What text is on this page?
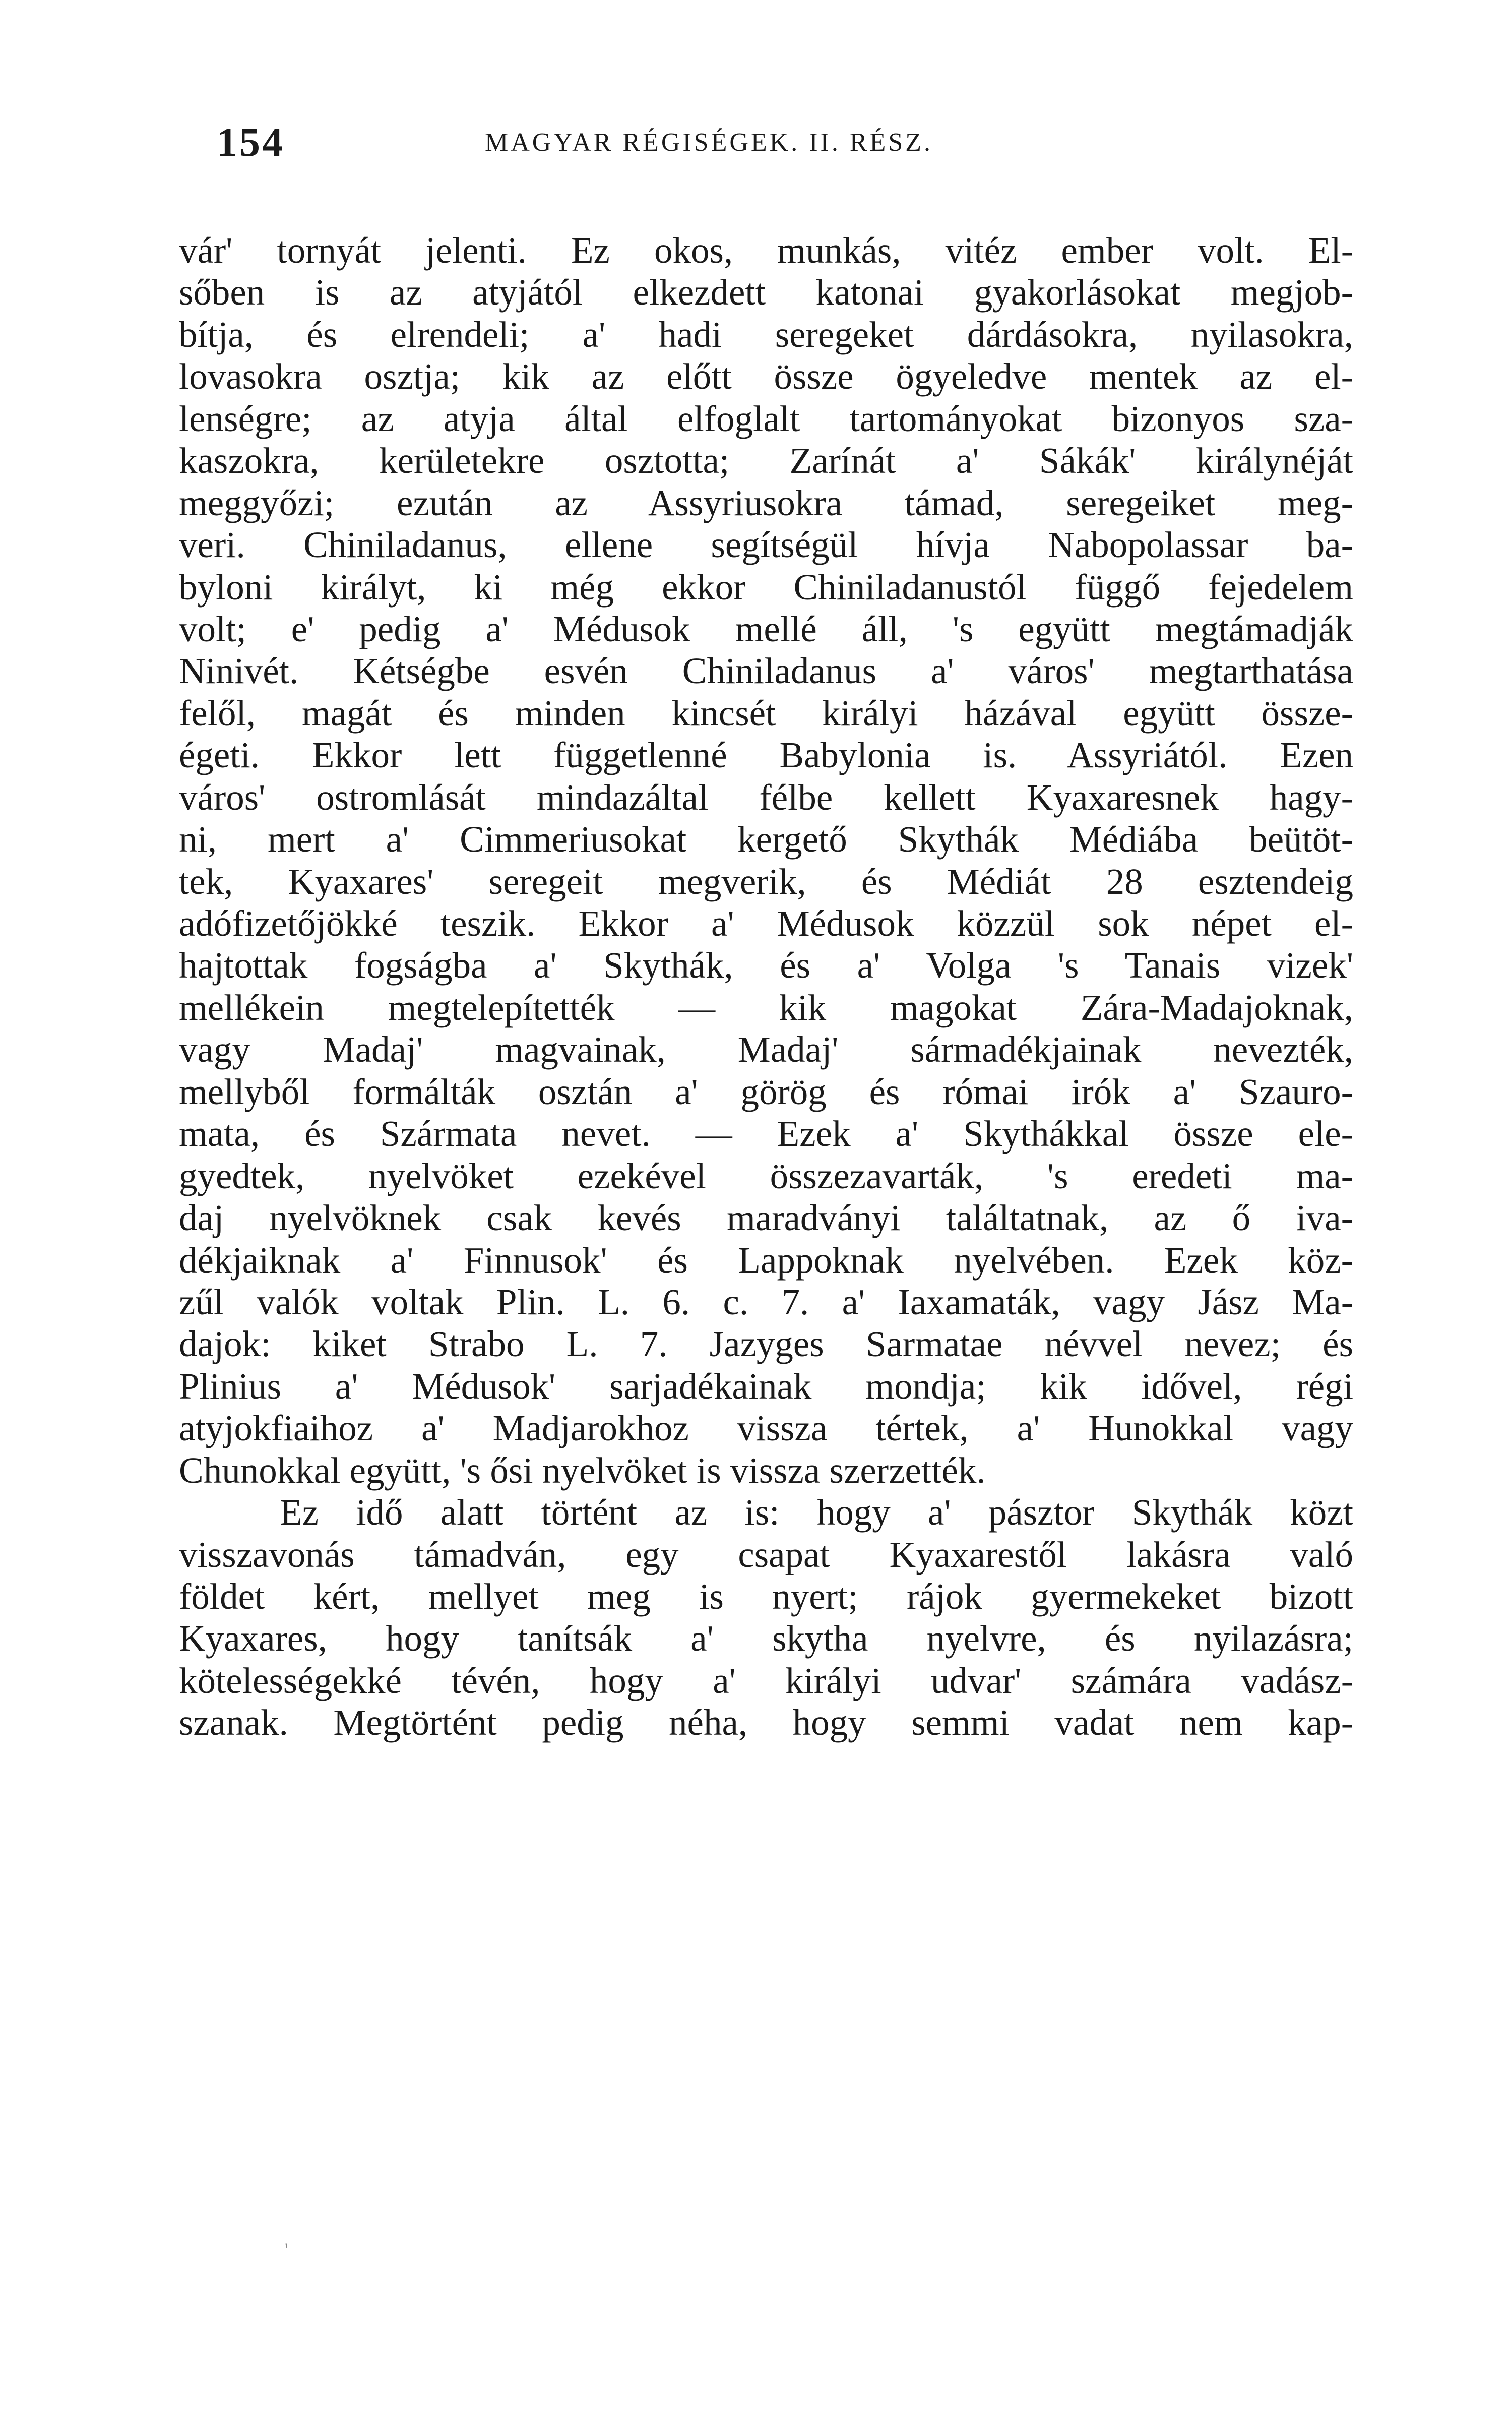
154	MAGYAR RÉGISÉGEK. II. RÉSZ.
vár' tornyát jelenti. Ez okos, munkás, vitéz ember volt. El-
sőben is az atyjától elkezdett katonai gyakorlásokat megjob-
bítja, és elrendeli; a' hadi seregeket dárdásokra, nyilasokra,
lovasokra osztja; kik az előtt össze ögyeledve mentek az el-
lenségre; az atyja által elfoglalt tartományokat bizonyos sza-
kaszokra, kerületekre osztotta; Zarínát a' Sákák' királynéját
meggyőzi; ezután az Assyriusokra támad, seregeiket meg-
veri. Chiniladanus, ellene segítségül hívja Nabopolassar ba-
byloni királyt, ki még ekkor Chiniladanustól függő fejedelem
volt; e' pedig a' Médusok mellé áll, 's együtt megtámadják
Ninivét. Kétségbe esvén Chiniladanus a' város' megtarthatása
felől, magát és minden kincsét királyi házával együtt össze-
égeti. Ekkor lett függetlenné Babylonia is. Assyriától. Ezen
város' ostromlását mindazáltal félbe kellett Kyaxaresnek hagy-
ni, mert a' Cimmeriusokat kergető Skythák Médiába beütöt-
tek, Kyaxares' seregeit megverik, és Médiát 28 esztendeig
adófizetőjökké teszik. Ekkor a' Médusok közzül sok népet el-
hajtottak fogságba a' Skythák, és a' Volga 's Tanais vizek'
mellékein megtelepítették — kik magokat Zára-Madajoknak,
vagy Madaj' magvainak, Madaj' sármadékjainak nevezték,
mellyből formálták osztán a' görög és római irók a' Szauro-
mata, és Szármata nevet. — Ezek a' Skythákkal össze ele-
gyedtek, nyelvöket ezekével összezavarták, 's eredeti ma-
daj nyelvöknek csak kevés maradványi találtatnak, az ő iva-
dékjaiknak a' Finnusok' és Lappoknak nyelvében. Ezek köz-
zűl valók voltak Plin. L. 6. c. 7. a' Iaxamaták, vagy Jász Ma-
dajok: kiket Strabo L. 7. Jazyges Sarmatae névvel nevez; és
Plinius a' Médusok' sarjadékainak mondja; kik idővel, régi
atyjokfiaihoz a' Madjarokhoz vissza tértek, a' Hunokkal vagy
Chunokkal együtt, 's ősi nyelvöket is vissza szerzették.
Ez idő alatt történt az is: hogy a' pásztor Skythák közt
visszavonás támadván, egy csapat Kyaxarestől lakásra való
földet kért, mellyet meg is nyert; rájok gyermekeket bizott
Kyaxares, hogy tanítsák a' skytha nyelvre, és nyilazásra;
kötelességekké tévén, hogy a' királyi udvar' számára vadász-
szanak. Megtörtént pedig néha, hogy semmi vadat nem kap-
'
